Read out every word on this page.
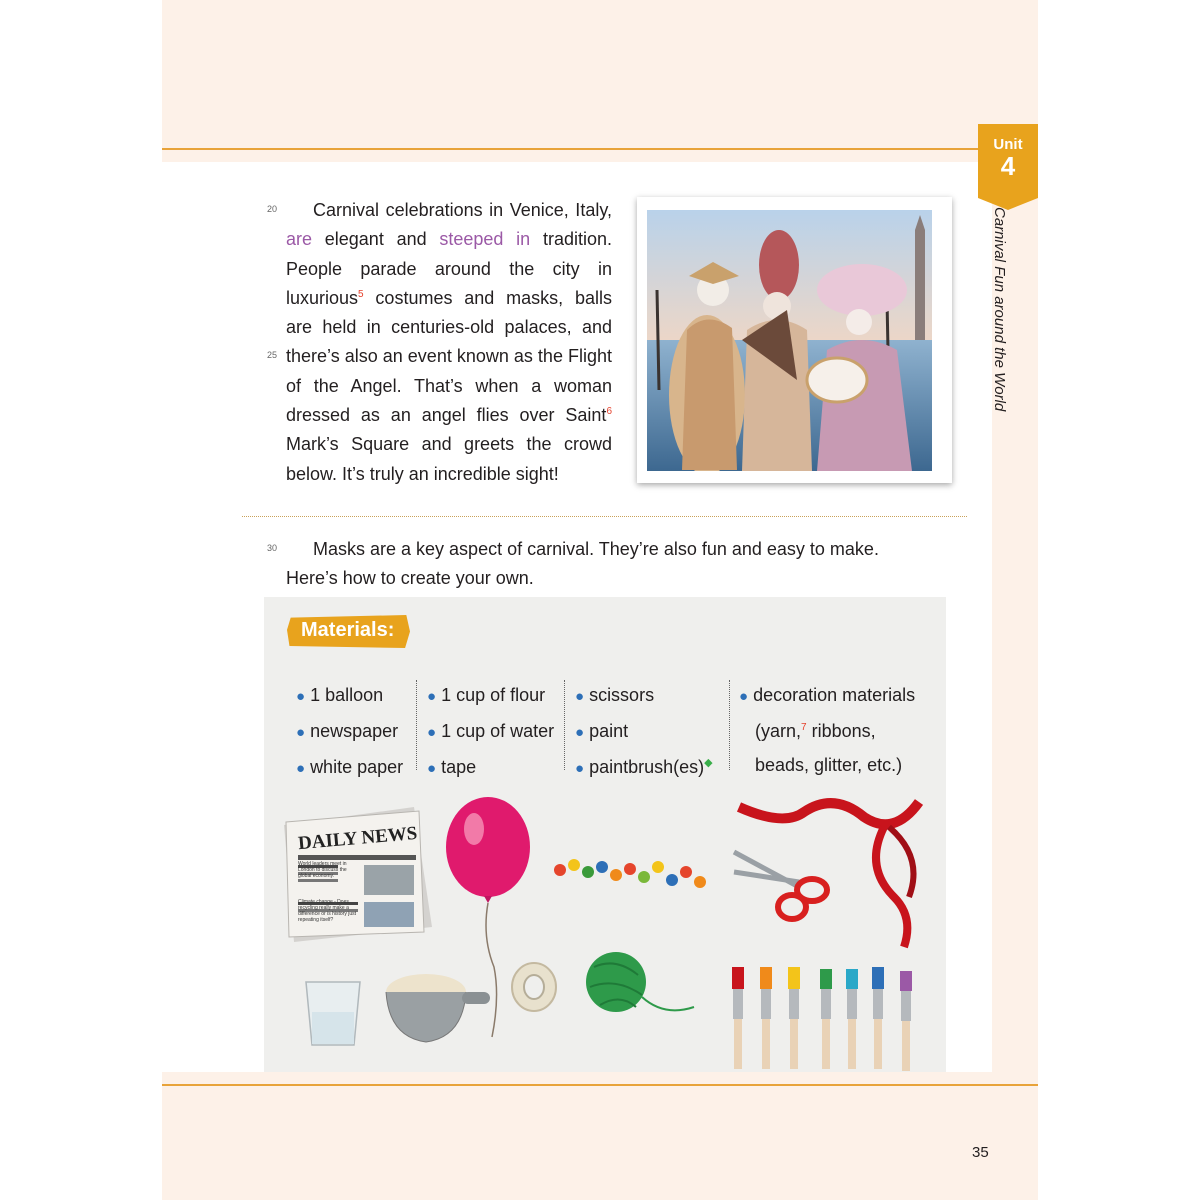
Unit
4
Carnival Fun around the World
20
25
30
Carnival celebrations in Venice, Italy,
are elegant and steeped in tradition.
People parade around the city in
luxurious$^5$ costumes and masks, balls
are held in centuries-old palaces, and
there’s also an event known as the Flight
of the Angel. That’s when a woman
dressed as an angel flies over Saint$^6$
Mark’s Square and greets the crowd
below. It’s truly an incredible sight!
Masks are a key aspect of carnival. They’re also fun and easy to make.
Here’s how to create your own.
DAILY NEWS
World leaders meet in London to discuss the global economy.
Climate change - Does recycling really make a difference or is history just repeating itself?
Materials:
● 1 balloon
● newspaper
● white paper
● 1 cup of flour
● 1 cup of water
● tape
● scissors
● paint
● paintbrush(es)◆
● decoration materials
(yarn,$^7$ ribbons,
beads, glitter, etc.)
35
